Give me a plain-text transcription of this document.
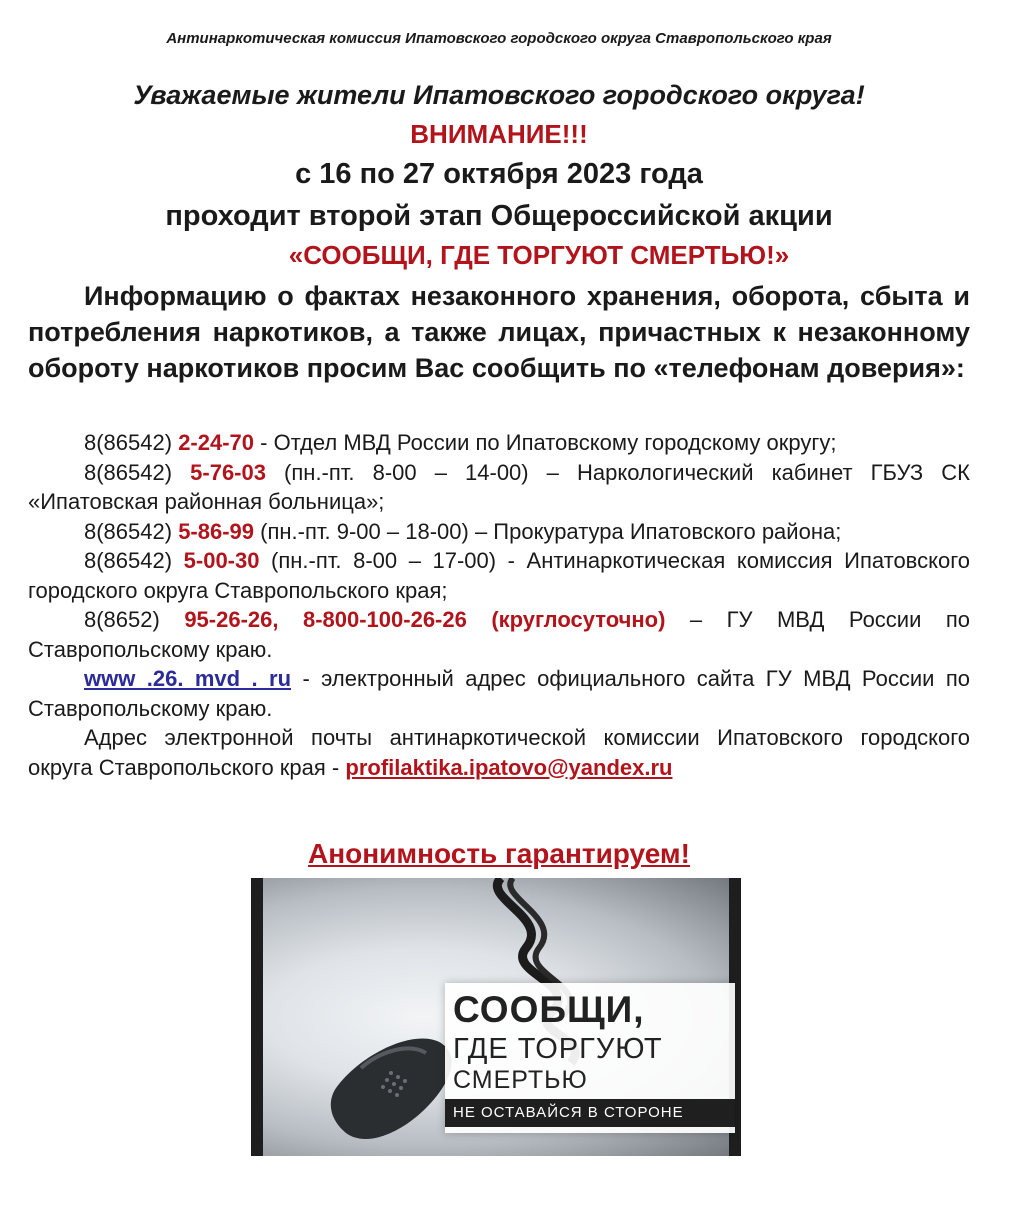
Антинаркотическая комиссия Ипатовского городского округа Ставропольского края
Уважаемые жители Ипатовского городского округа!
ВНИМАНИЕ!!!
с 16 по 27 октября 2023 года
проходит второй этап Общероссийской акции
«СООБЩИ, ГДЕ ТОРГУЮТ СМЕРТЬЮ!»
Информацию о фактах незаконного хранения, оборота, сбыта и потребления наркотиков, а также лицах, причастных к незаконному обороту наркотиков просим Вас сообщить по «телефонам доверия»:

8(86542) 2-24-70 - Отдел МВД России по Ипатовскому городскому округу;

8(86542) 5-76-03 (пн.-пт. 8-00 – 14-00) – Наркологический кабинет ГБУЗ СК «Ипатовская районная больница»;

8(86542) 5-86-99 (пн.-пт. 9-00 – 18-00) – Прокуратура Ипатовского района;

8(86542) 5-00-30 (пн.-пт. 8-00 – 17-00) - Антинаркотическая комиссия Ипатовского городского округа Ставропольского края;

8(8652) 95-26-26, 8-800-100-26-26 (круглосуточно) – ГУ МВД России по Ставропольскому краю.

www .26. mvd . ru - электронный адрес официального сайта ГУ МВД России по Ставропольскому краю.

Адрес электронной почты антинаркотической комиссии Ипатовского городского округа Ставропольского края - profilaktika.ipatovo@yandex.ru

Анонимность гарантируем!
СООБЩИ,
ГДЕ ТОРГУЮТ
СМЕРТЬЮ
НЕ ОСТАВАЙСЯ В СТОРОНЕ
